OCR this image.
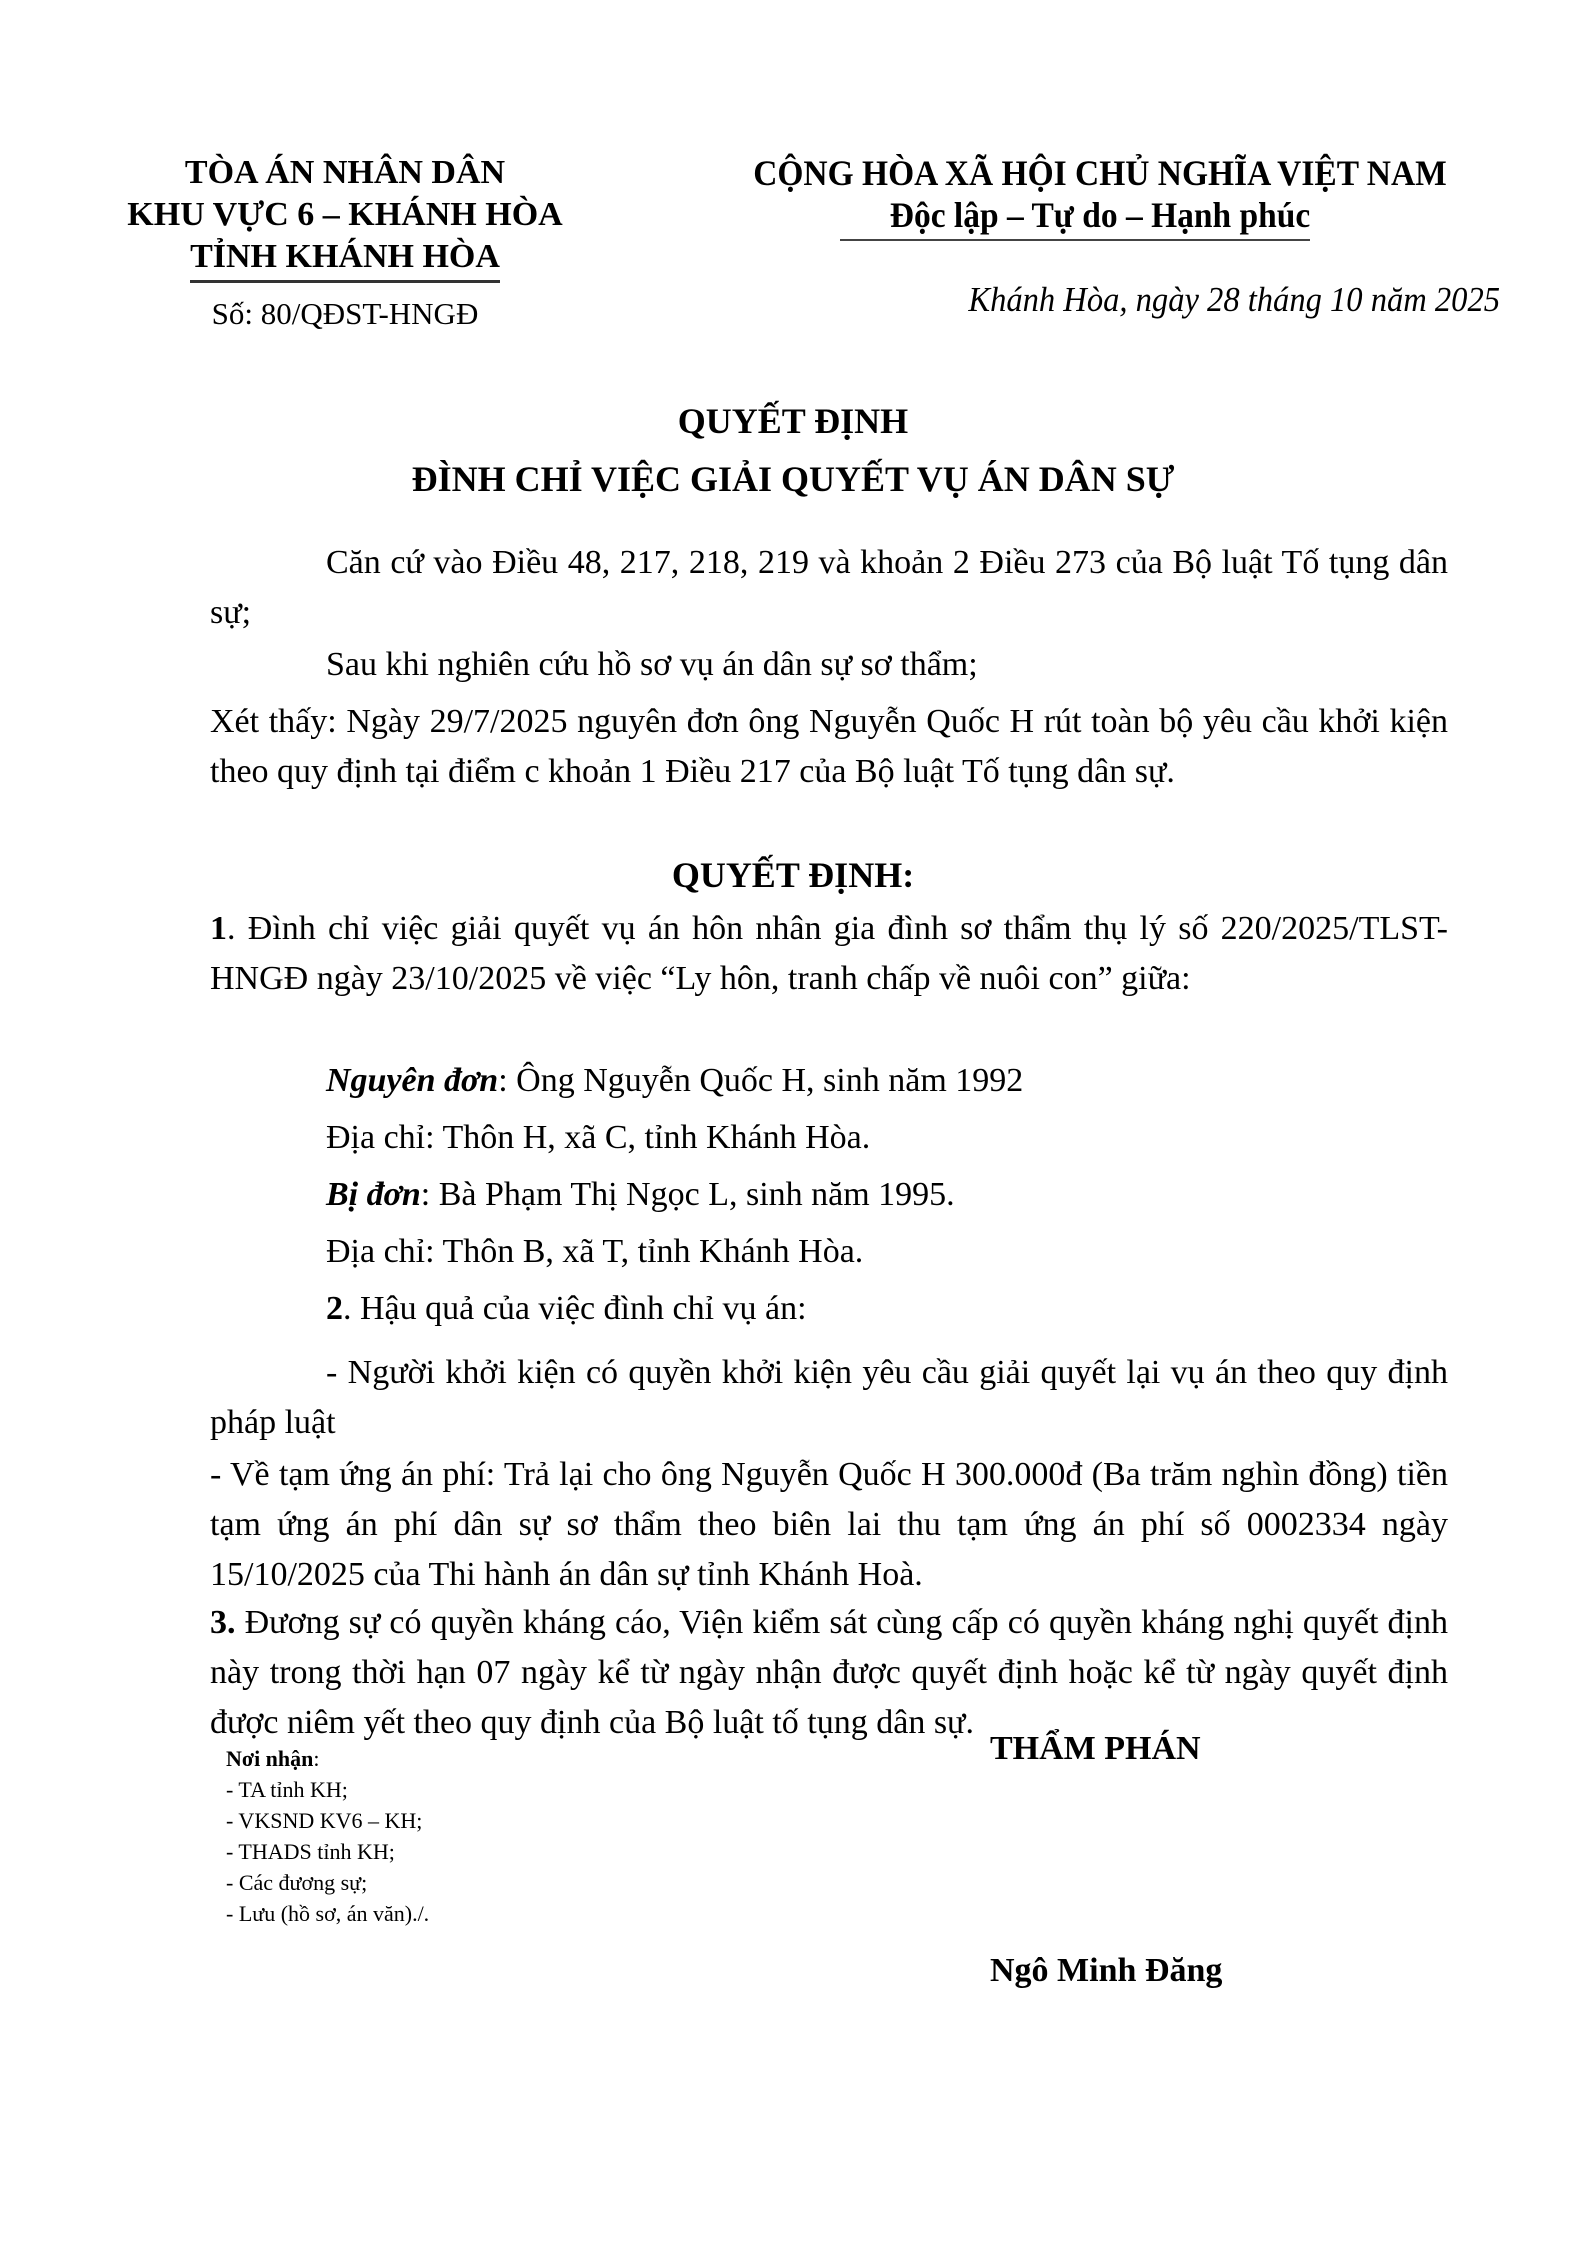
TÒA ÁN NHÂN DÂN
KHU VỰC 6 – KHÁNH HÒA
TỈNH KHÁNH HÒA
Số: 80/QĐST-HNGĐ
CỘNG HÒA XÃ HỘI CHỦ NGHĨA VIỆT NAM
Độc lập – Tự do – Hạnh phúc
Khánh Hòa, ngày 28 tháng 10 năm 2025
QUYẾT ĐỊNH
ĐÌNH CHỈ VIỆC GIẢI QUYẾT VỤ ÁN DÂN SỰ
Căn cứ vào Điều 48, 217, 218, 219 và khoản 2 Điều 273 của Bộ luật Tố tụng dân sự;
Sau khi nghiên cứu hồ sơ vụ án dân sự sơ thẩm;
Xét thấy: Ngày 29/7/2025 nguyên đơn ông Nguyễn Quốc H rút toàn bộ yêu cầu khởi kiện theo quy định tại điểm c khoản 1 Điều 217 của Bộ luật Tố tụng dân sự.
QUYẾT ĐỊNH:
1. Đình chỉ việc giải quyết vụ án hôn nhân gia đình sơ thẩm thụ lý số 220/2025/TLST-HNGĐ ngày 23/10/2025 về việc “Ly hôn, tranh chấp về nuôi con” giữa:
Nguyên đơn: Ông Nguyễn Quốc H, sinh năm 1992
Địa chỉ: Thôn H, xã C, tỉnh Khánh Hòa.
Bị đơn: Bà Phạm Thị Ngọc L, sinh năm 1995.
Địa chỉ: Thôn B, xã T, tỉnh Khánh Hòa.
2. Hậu quả của việc đình chỉ vụ án:
- Người khởi kiện có quyền khởi kiện yêu cầu giải quyết lại vụ án theo quy định pháp luật
- Về tạm ứng án phí: Trả lại cho ông Nguyễn Quốc H 300.000đ (Ba trăm nghìn đồng) tiền tạm ứng án phí dân sự sơ thẩm theo biên lai thu tạm ứng án phí số 0002334 ngày 15/10/2025 của Thi hành án dân sự tỉnh Khánh Hoà.
3. Đương sự có quyền kháng cáo, Viện kiểm sát cùng cấp có quyền kháng nghị quyết định này trong thời hạn 07 ngày kể từ ngày nhận được quyết định hoặc kể từ ngày quyết định được niêm yết theo quy định của Bộ luật tố tụng dân sự.
Nơi nhận:
- TA tỉnh KH;
- VKSND KV6 – KH;
- THADS tỉnh KH;
- Các đương sự;
- Lưu (hồ sơ, án văn)./.
THẨM PHÁN
Ngô Minh Đăng
